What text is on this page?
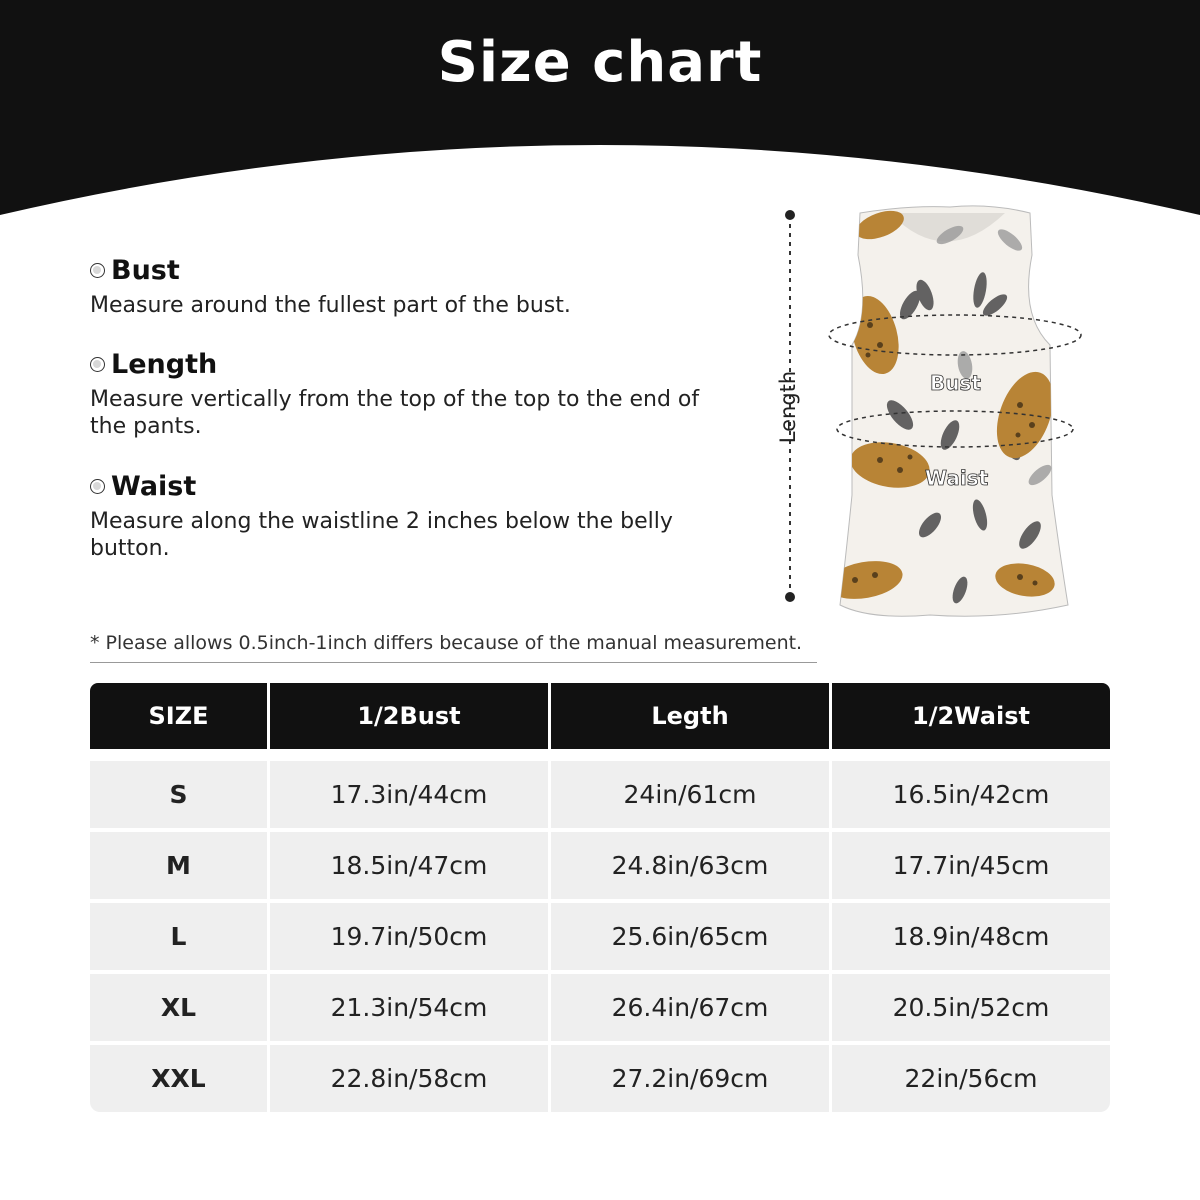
Size chart
Bust
Measure around the fullest part of the bust.
Length
Measure vertically from the top of the top to the end of the pants.
Waist
Measure along the waistline 2 inches below the belly button.
Bust
Waist
Length
* Please allows 0.5inch-1inch differs because of the manual measurement.
SIZE	1/2Bust	Legth	1/2Waist
S	17.3in/44cm	24in/61cm	16.5in/42cm
M	18.5in/47cm	24.8in/63cm	17.7in/45cm
L	19.7in/50cm	25.6in/65cm	18.9in/48cm
XL	21.3in/54cm	26.4in/67cm	20.5in/52cm
XXL	22.8in/58cm	27.2in/69cm	22in/56cm
